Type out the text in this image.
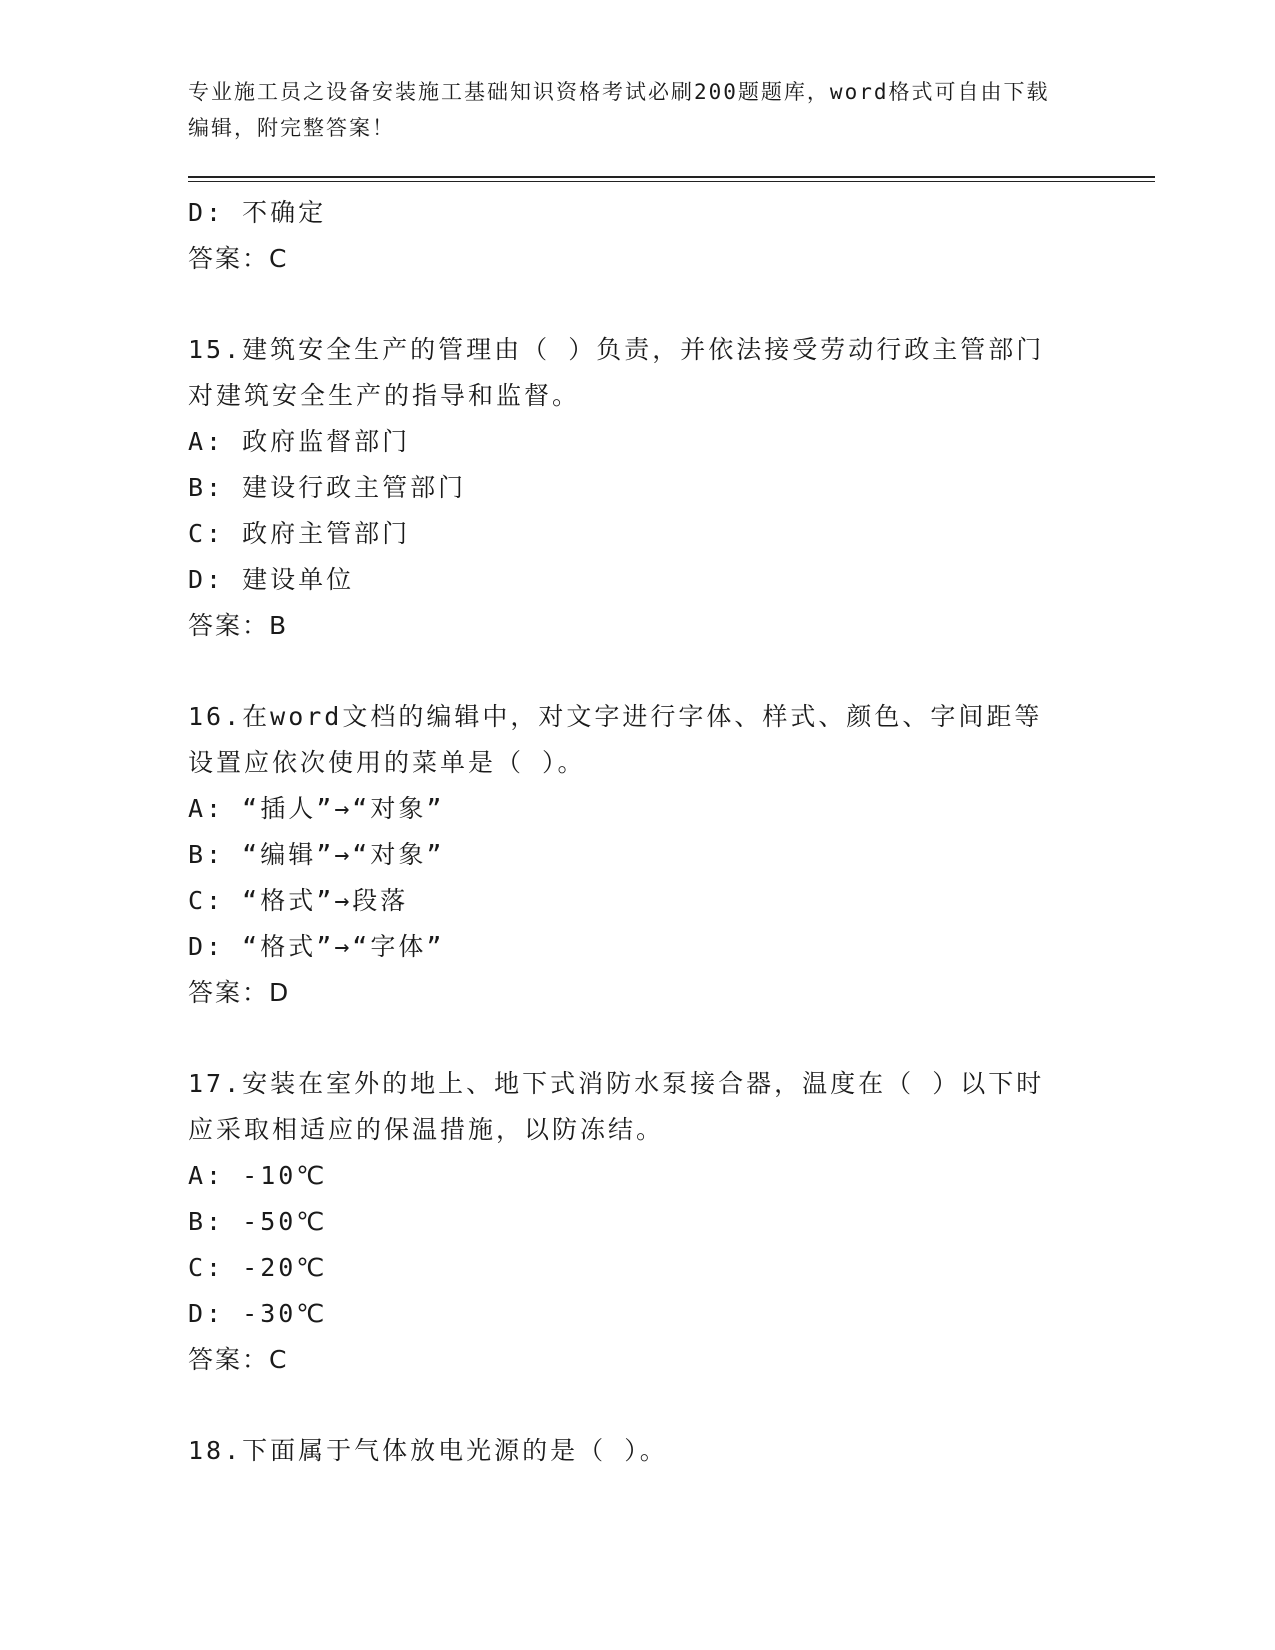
专业施工员之设备安装施工基础知识资格考试必刷200题题库，word格式可自由下载编辑，附完整答案！
D: 不确定
答案：C
15.建筑安全生产的管理由（ ）负责，并依法接受劳动行政主管部门对建筑安全生产的指导和监督。
A: 政府监督部门
B: 建设行政主管部门
C: 政府主管部门
D: 建设单位
答案：B
16.在word文档的编辑中，对文字进行字体、样式、颜色、字间距等设置应依次使用的菜单是（ ）。
A: “插人”→“对象”
B: “编辑”→“对象”
C: “格式”→段落
D: “格式”→“字体”
答案：D
17.安装在室外的地上、地下式消防水泵接合器，温度在（ ）以下时应采取相适应的保温措施，以防冻结。
A: -10℃
B: -50℃
C: -20℃
D: -30℃
答案：C
18.下面属于气体放电光源的是（ ）。
